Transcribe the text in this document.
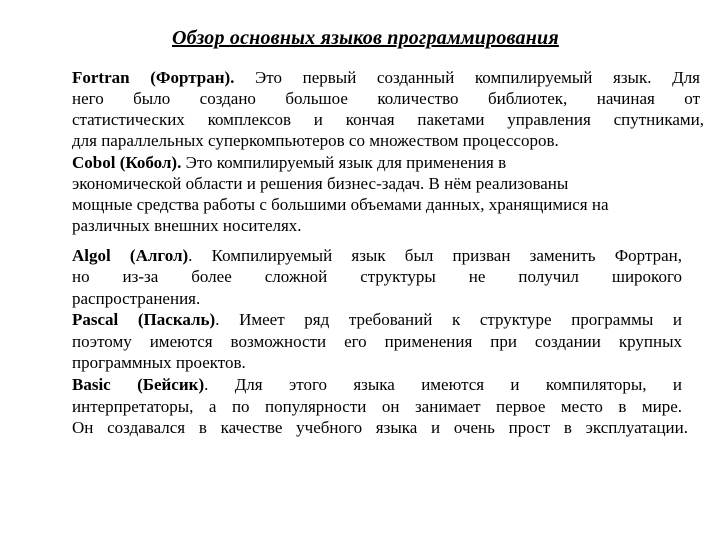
Обзор основных языков программирования
Fortran (Фортран). Это первый созданный компилируемый язык. Для
него было создано большое количество библиотек, начиная от
статистических комплексов и кончая пакетами управления спутниками,
для параллельных суперкомпьютеров со множеством процессоров.
Cobol (Кобол). Это компилируемый язык для применения в
экономической области и решения бизнес-задач. В нём реализованы
мощные средства работы с большими объемами данных, хранящимися на
различных внешних носителях.
Algol (Алгол). Компилируемый язык был призван заменить Фортран,
но из-за более сложной структуры не получил широкого
распространения.
Pascal (Паскаль). Имеет ряд требований к структуре программы и
поэтому имеются возможности его применения при создании крупных
программных проектов.
Basic (Бейсик). Для этого языка имеются и компиляторы, и
интерпретаторы, а по популярности он занимает первое место в мире.
Он создавался в качестве учебного языка и очень прост в эксплуатации.
